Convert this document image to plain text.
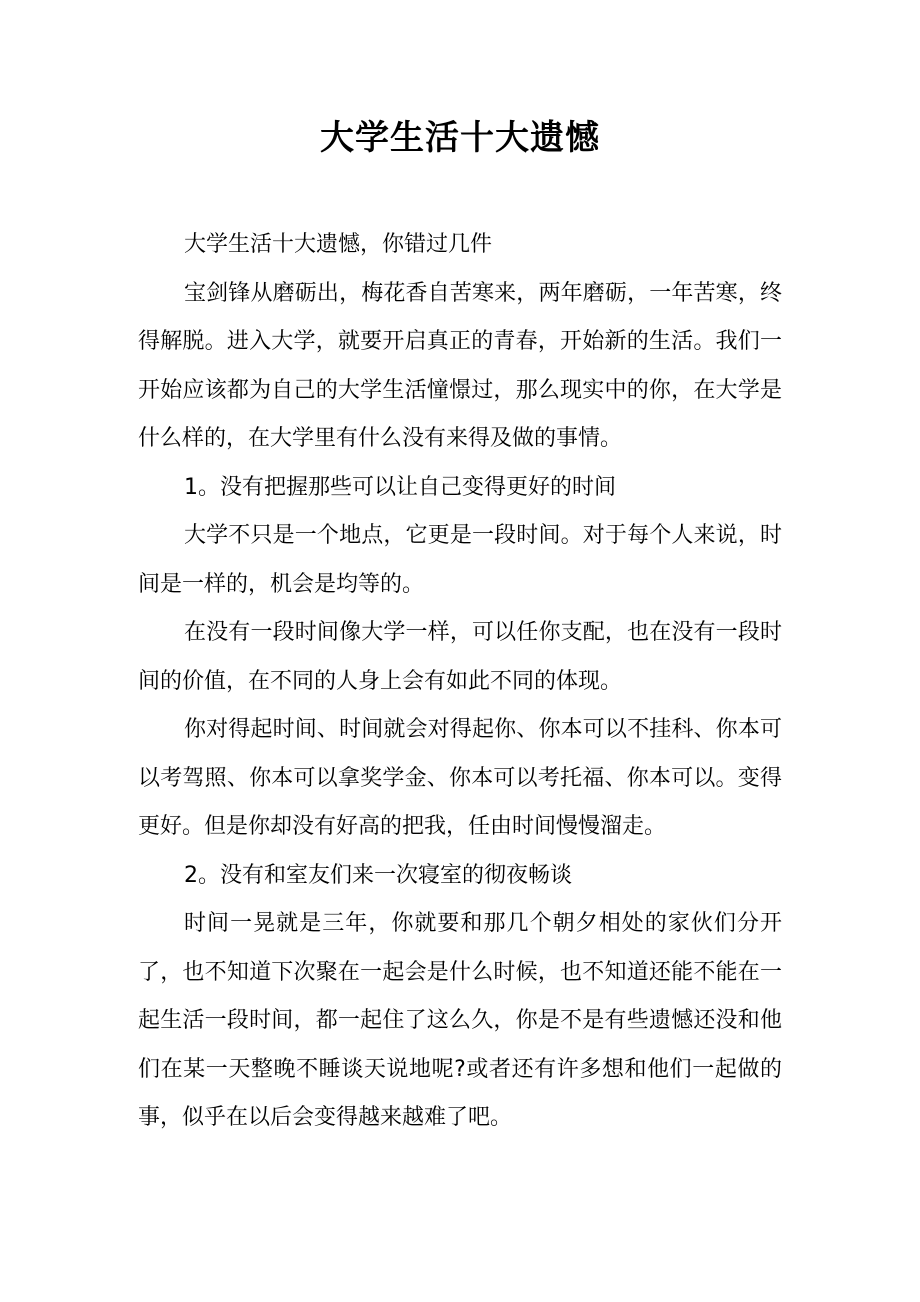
大学生活十大遗憾

大学生活十大遗憾，你错过几件

宝剑锋从磨砺出，梅花香自苦寒来，两年磨砺，一年苦寒，终得解脱。进入大学，就要开启真正的青春，开始新的生活。我们一开始应该都为自己的大学生活憧憬过，那么现实中的你，在大学是什么样的，在大学里有什么没有来得及做的事情。

1。没有把握那些可以让自己变得更好的时间

大学不只是一个地点，它更是一段时间。对于每个人来说，时间是一样的，机会是均等的。

在没有一段时间像大学一样，可以任你支配，也在没有一段时间的价值，在不同的人身上会有如此不同的体现。

你对得起时间、时间就会对得起你、你本可以不挂科、你本可以考驾照、你本可以拿奖学金、你本可以考托福、你本可以。变得更好。但是你却没有好高的把我，任由时间慢慢溜走。

2。没有和室友们来一次寝室的彻夜畅谈

时间一晃就是三年，你就要和那几个朝夕相处的家伙们分开了，也不知道下次聚在一起会是什么时候，也不知道还能不能在一起生活一段时间，都一起住了这么久，你是不是有些遗憾还没和他们在某一天整晚不睡谈天说地呢?或者还有许多想和他们一起做的事，似乎在以后会变得越来越难了吧。
